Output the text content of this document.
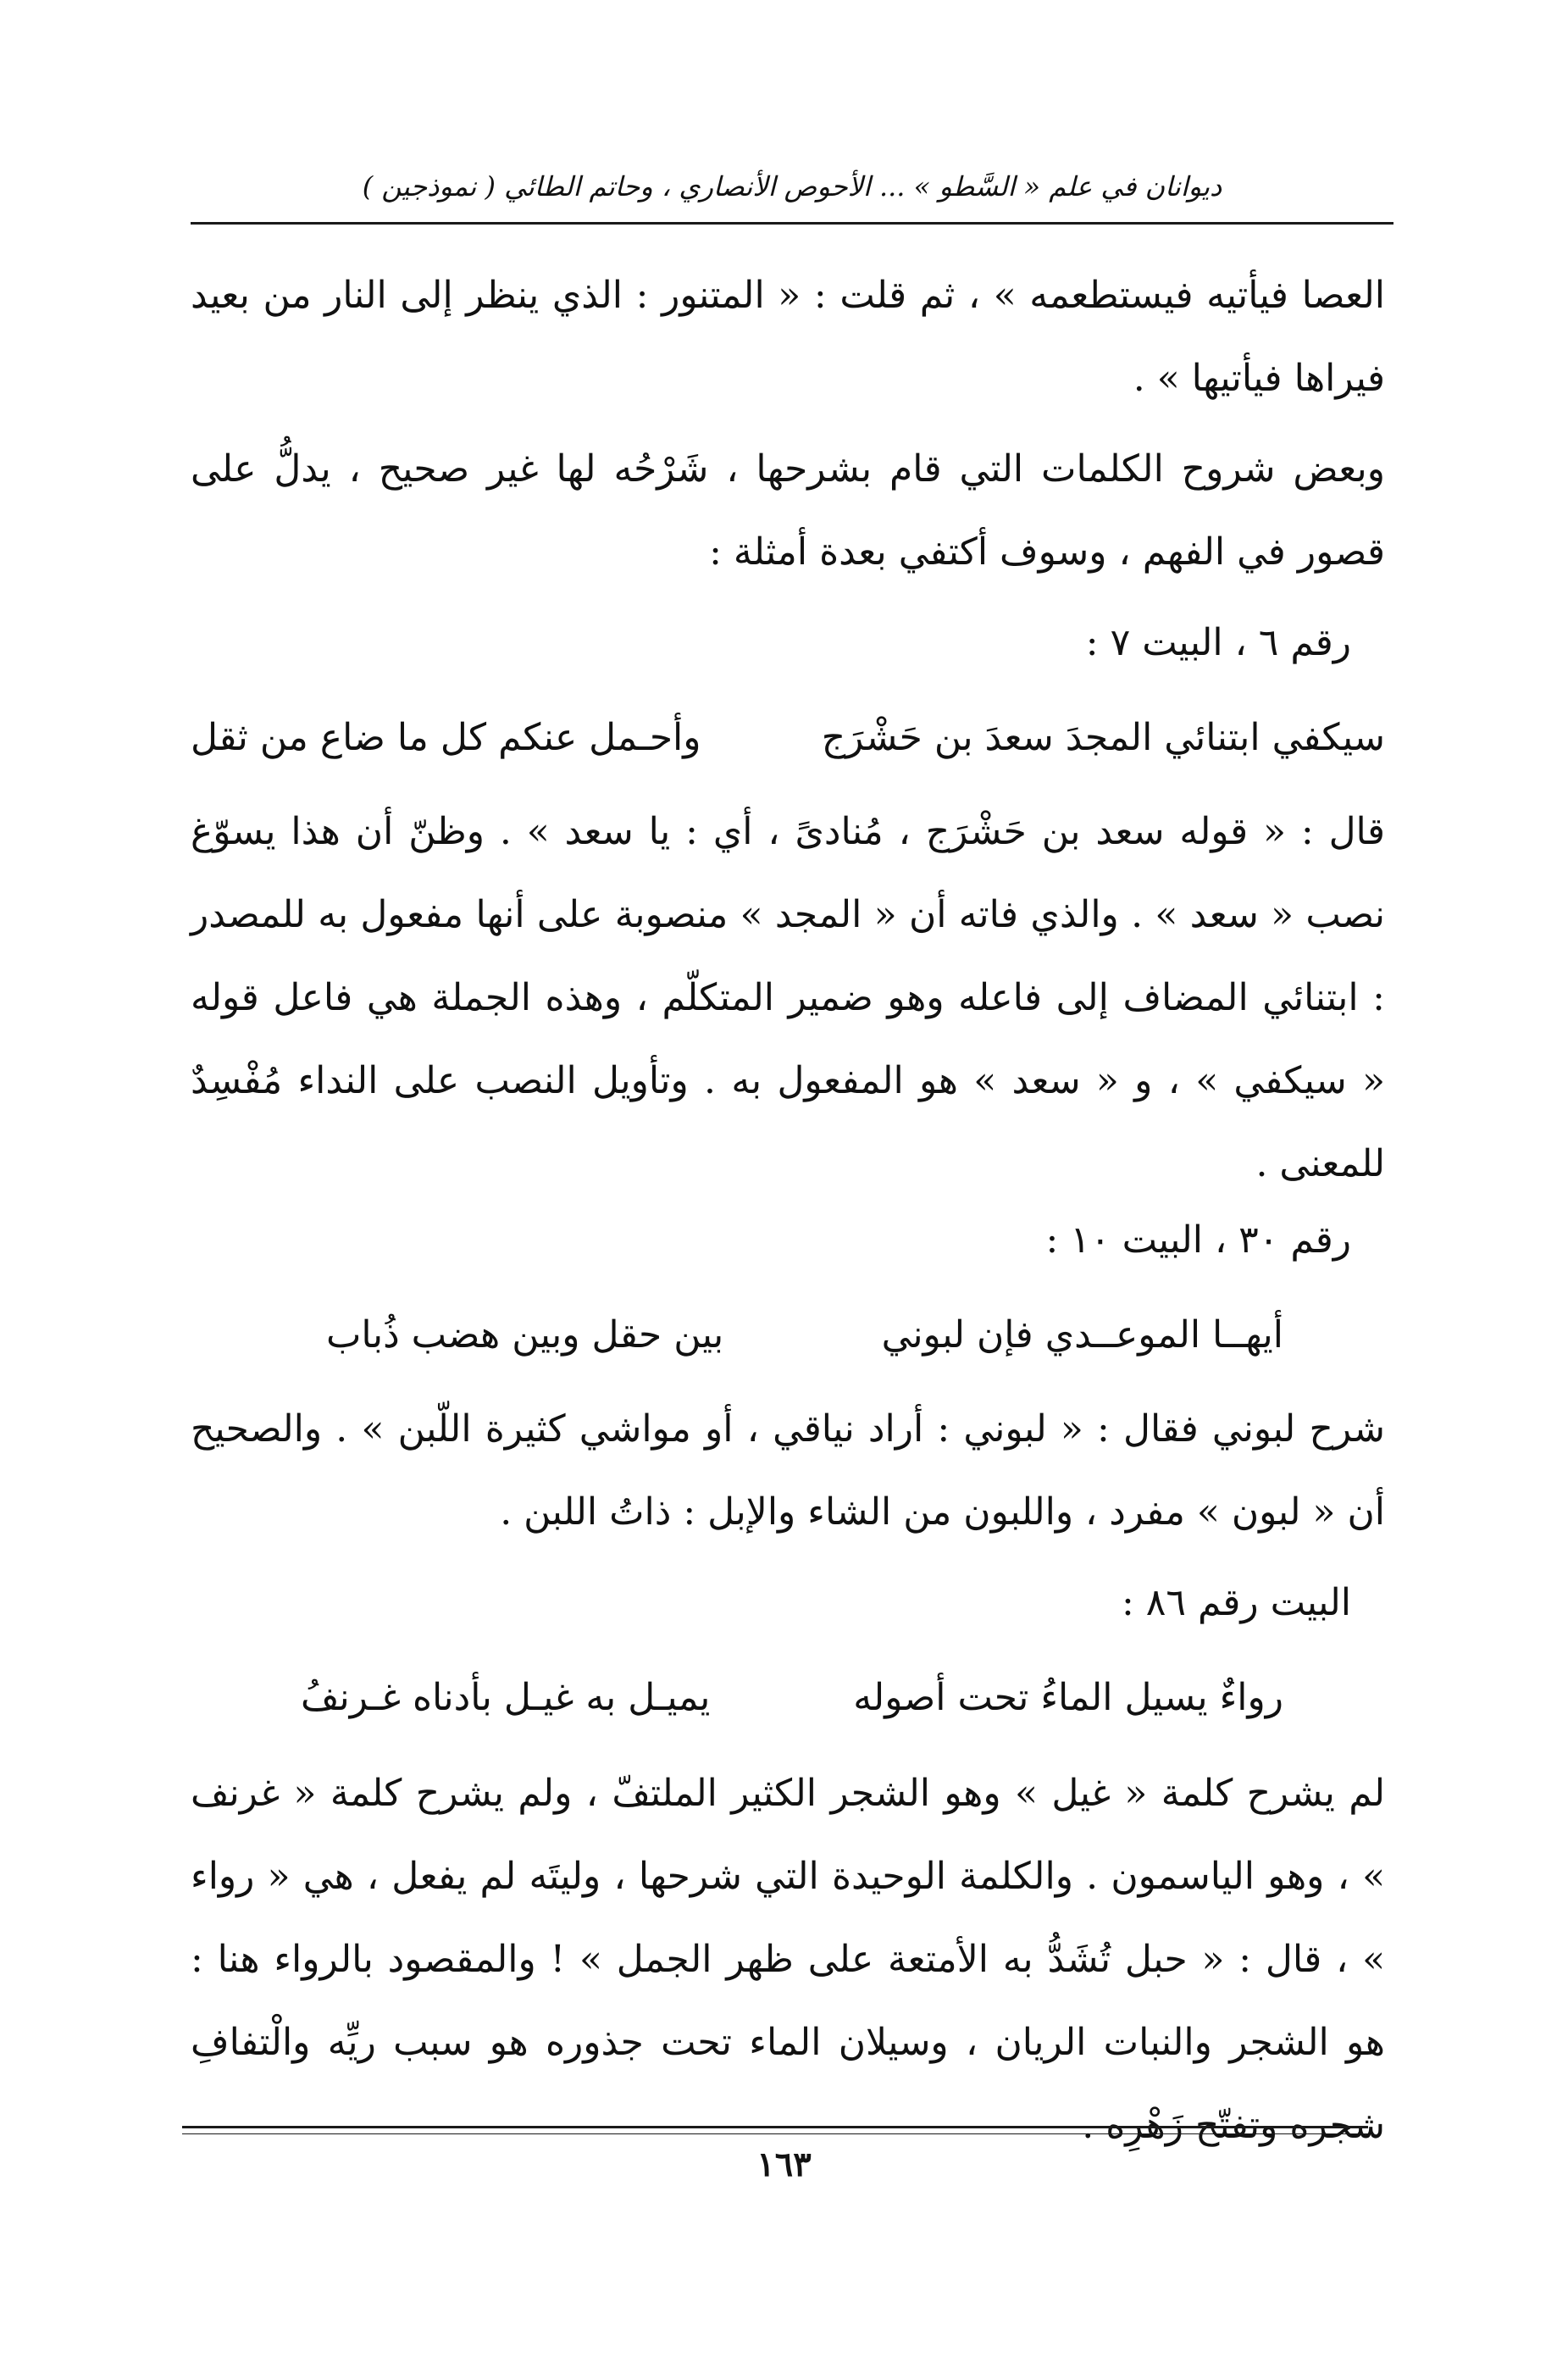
ديوانان في علم « السَّطو » ... الأحوص الأنصاري ، وحاتم الطائي ( نموذجين )

العصا فيأتيه فيستطعمه » ، ثم قلت : « المتنور : الذي ينظر إلى النار من بعيد فيراها فيأتيها » .

وبعض شروح الكلمات التي قام بشرحها ، شَرْحُه لها غير صحيح ، يدلُّ على قصور في الفهم ، وسوف أكتفي بعدة أمثلة :

رقم ٦ ، البيت ٧ :

سيكفي ابتنائي المجدَ سعدَ بن حَشْرَج
وأحـمل عنكم كل ما ضاع من ثقل

قال : « قوله سعد بن حَشْرَج ، مُنادىً ، أي : يا سعد » . وظنّ أن هذا يسوّغ نصب « سعد » . والذي فاته أن « المجد » منصوبة على أنها مفعول به للمصدر : ابتنائي المضاف إلى فاعله وهو ضمير المتكلّم ، وهذه الجملة هي فاعل قوله « سيكفي » ، و « سعد » هو المفعول به . وتأويل النصب على النداء مُفْسِدٌ للمعنى .

رقم ٣٠ ، البيت ١٠ :

أيهــا الموعــدي فإن لبوني
بين حقل وبين هضب ذُباب

شرح لبوني فقال : « لبوني : أراد نياقي ، أو مواشي كثيرة اللّبن » . والصحيح أن « لبون » مفرد ، واللبون من الشاء والإبل : ذاتُ اللبن .

البيت رقم ٨٦ :

رواءٌ يسيل الماءُ تحت أصوله
يميـل به غيـل بأدناه غـرنفُ

لم يشرح كلمة « غيل » وهو الشجر الكثير الملتفّ ، ولم يشرح كلمة « غرنف » ، وهو الياسمون . والكلمة الوحيدة التي شرحها ، وليتَه لم يفعل ، هي « رواء » ، قال : « حبل تُشَدُّ به الأمتعة على ظهر الجمل » ! والمقصود بالرواء هنا : هو الشجر والنبات الريان ، وسيلان الماء تحت جذوره هو سبب ريِّه والْتفافِ شجره وتفتّح زَهْرِه .

١٦٣
